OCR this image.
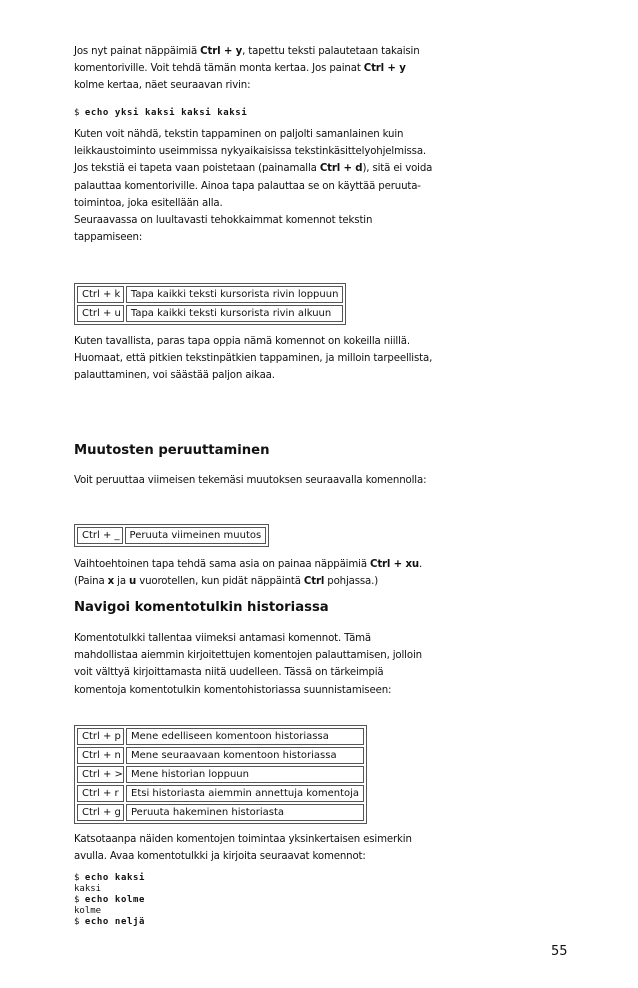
Jos nyt painat näppäimiä Ctrl + y, tapettu teksti palautetaan takaisin
komentoriville. Voit tehdä tämän monta kertaa. Jos painat Ctrl + y
kolme kertaa, näet seuraavan rivin:
$ echo yksi kaksi kaksi kaksi
Kuten voit nähdä, tekstin tappaminen on paljolti samanlainen kuin
leikkaustoiminto useimmissa nykyaikaisissa tekstinkäsittelyohjelmissa.
Jos tekstiä ei tapeta vaan poistetaan (painamalla Ctrl + d), sitä ei voida
palauttaa komentoriville. Ainoa tapa palauttaa se on käyttää peruuta-
toimintoa, joka esitellään alla.
Seuraavassa on luultavasti tehokkaimmat komennot tekstin
tappamiseen:
Ctrl + k	Tapa kaikki teksti kursorista rivin loppuun
Ctrl + u	Tapa kaikki teksti kursorista rivin alkuun
Kuten tavallista, paras tapa oppia nämä komennot on kokeilla niillä.
Huomaat, että pitkien tekstinpätkien tappaminen, ja milloin tarpeellista,
palauttaminen, voi säästää paljon aikaa.
Muutosten peruuttaminen
Voit peruuttaa viimeisen tekemäsi muutoksen seuraavalla komennolla:
Ctrl + _	Peruuta viimeinen muutos
Vaihtoehtoinen tapa tehdä sama asia on painaa näppäimiä Ctrl + xu.
(Paina x ja u vuorotellen, kun pidät näppäintä Ctrl pohjassa.)
Navigoi komentotulkin historiassa
Komentotulkki tallentaa viimeksi antamasi komennot. Tämä
mahdollistaa aiemmin kirjoitettujen komentojen palauttamisen, jolloin
voit välttyä kirjoittamasta niitä uudelleen. Tässä on tärkeimpiä
komentoja komentotulkin komentohistoriassa suunnistamiseen:
Ctrl + p	Mene edelliseen komentoon historiassa
Ctrl + n	Mene seuraavaan komentoon historiassa
Ctrl + >	Mene historian loppuun
Ctrl + r	Etsi historiasta aiemmin annettuja komentoja
Ctrl + g	Peruuta hakeminen historiasta
Katsotaanpa näiden komentojen toimintaa yksinkertaisen esimerkin
avulla. Avaa komentotulkki ja kirjoita seuraavat komennot:
$ echo kaksi
kaksi
$ echo kolme
kolme
$ echo neljä
55
